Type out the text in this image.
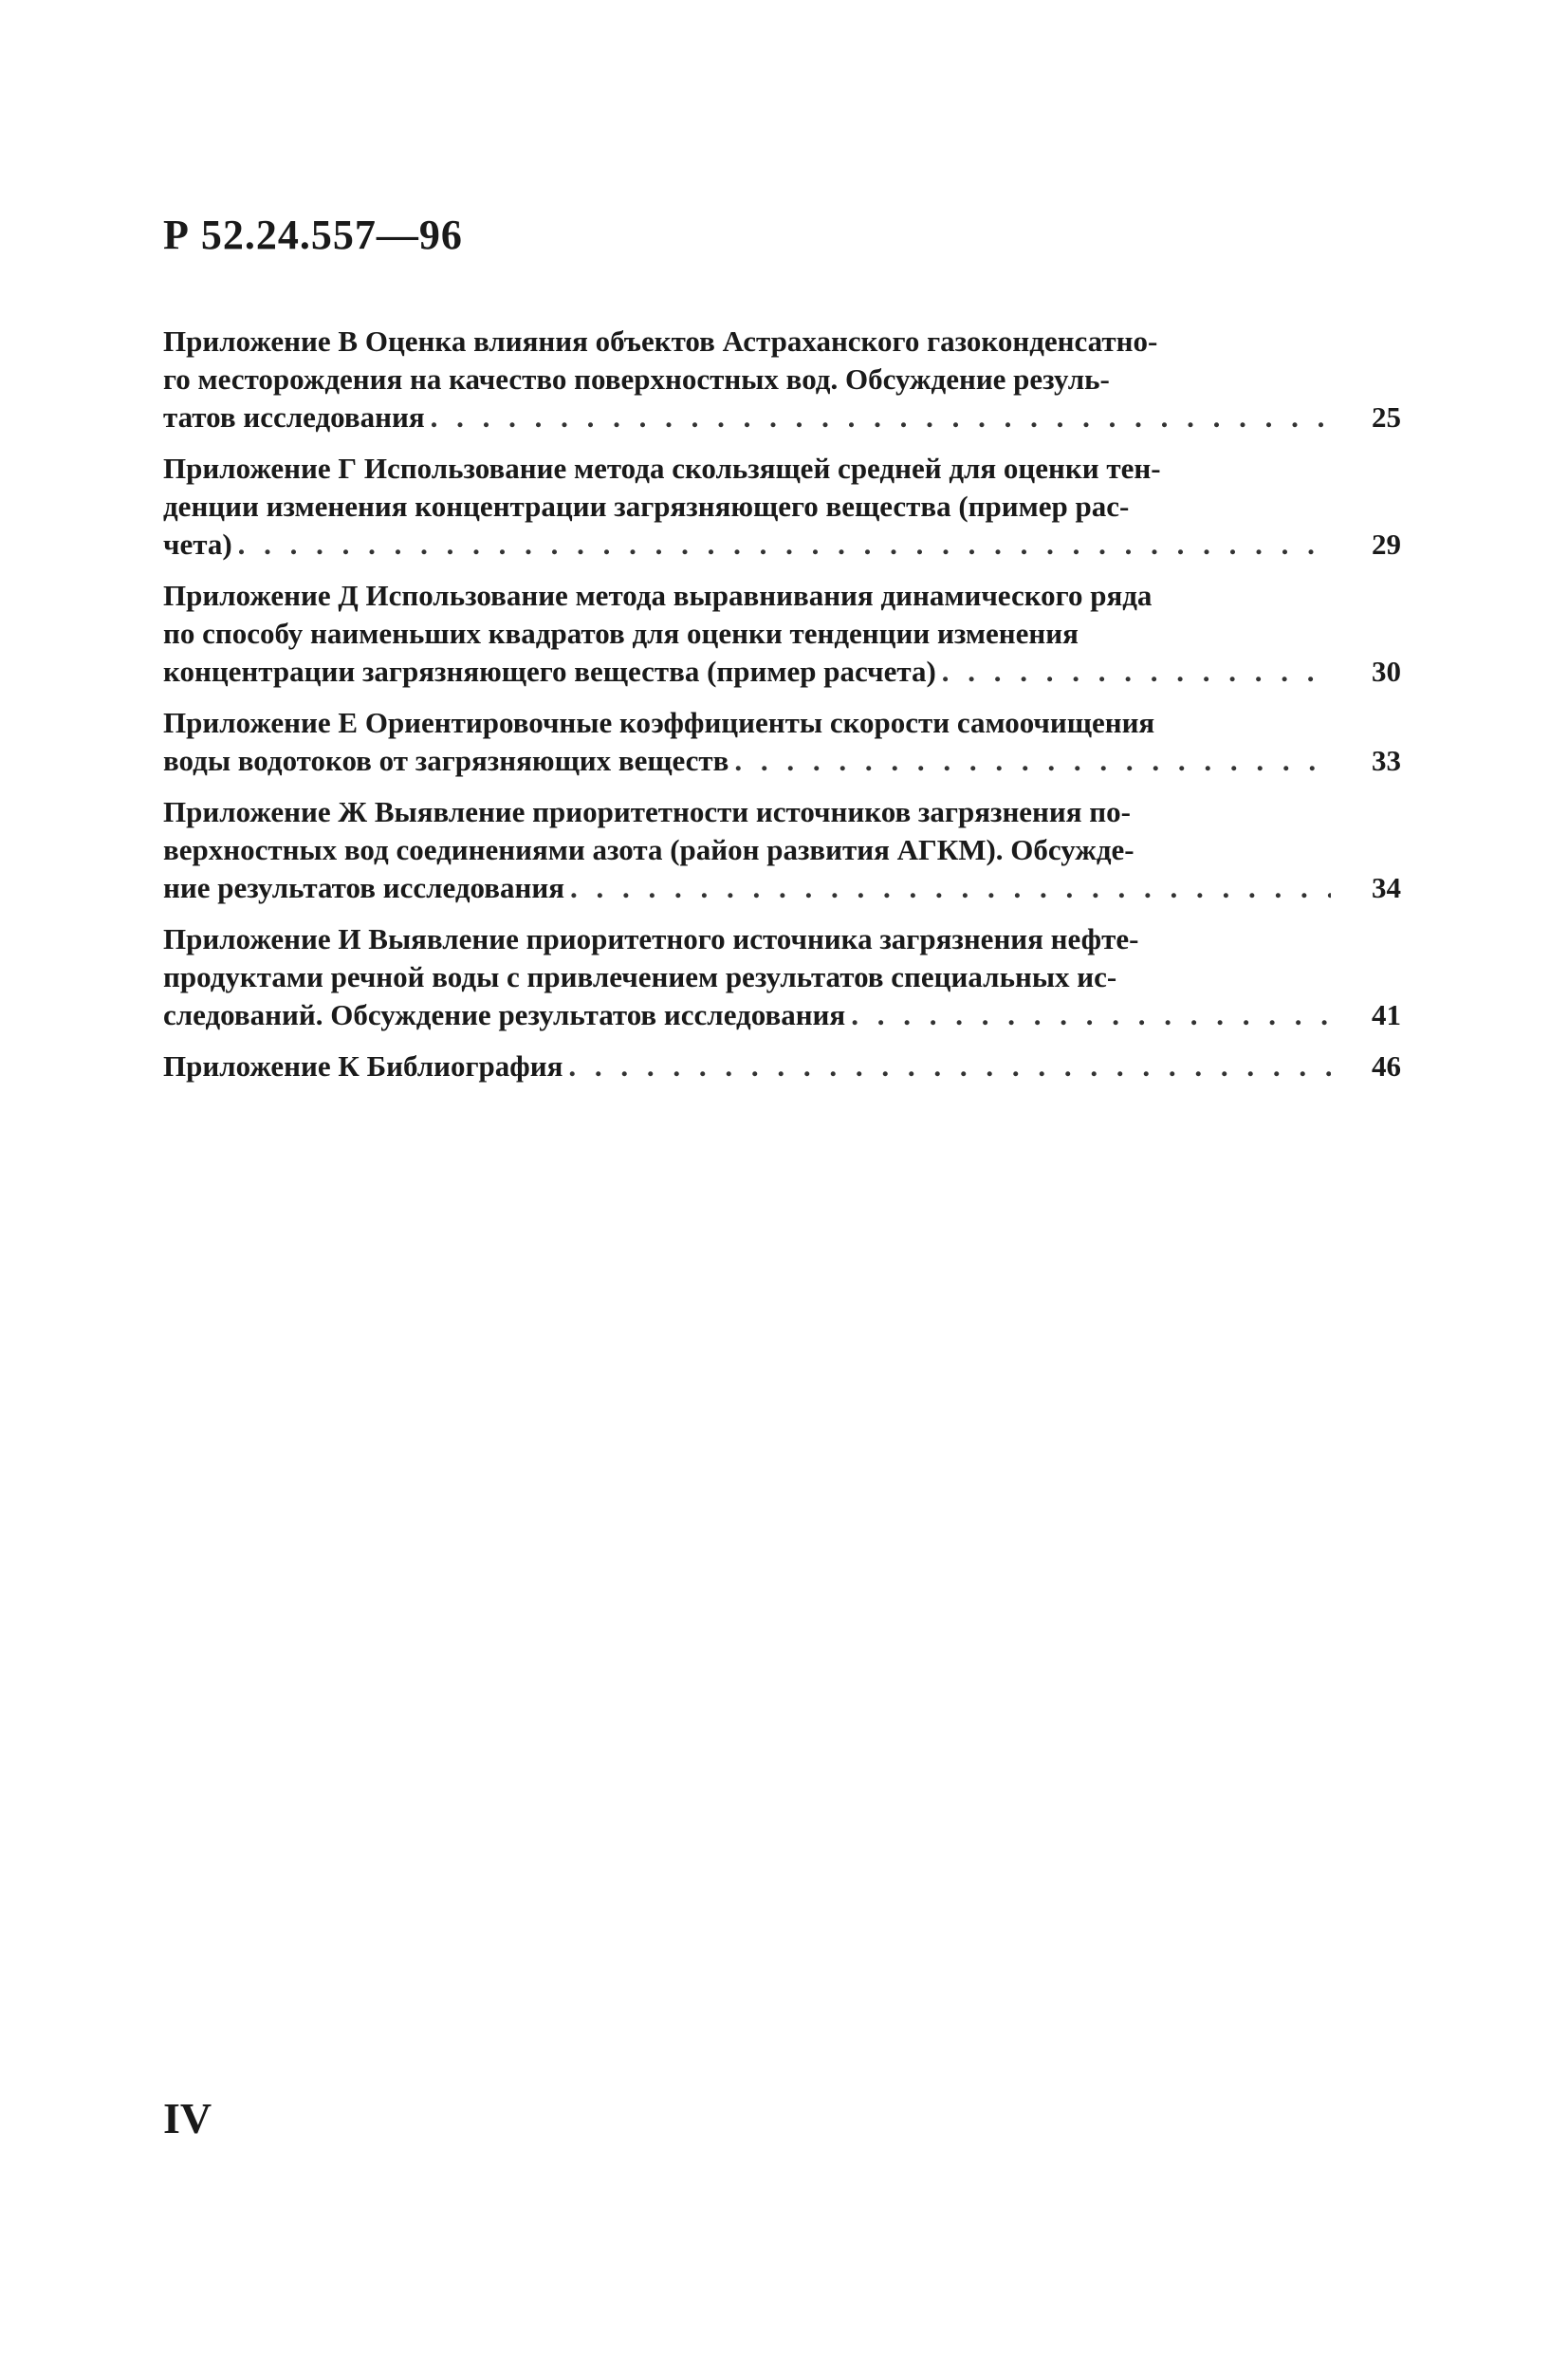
Р 52.24.557—96
Приложение В Оценка влияния объектов Астраханского газоконденсатно-
го месторождения на качество поверхностных вод. Обсуждение резуль-
татов исследования . . .	25
Приложение Г Использование метода скользящей средней для оценки тен-
денции изменения концентрации загрязняющего вещества (пример рас-
чета) . . .	29
Приложение Д Использование метода выравнивания динамического ряда
по способу наименьших квадратов для оценки тенденции изменения
концентрации загрязняющего вещества (пример расчета) . . .	30
Приложение Е Ориентировочные коэффициенты скорости самоочищения
воды водотоков от загрязняющих веществ . . .	33
Приложение Ж Выявление приоритетности источников загрязнения по-
верхностных вод соединениями азота (район развития АГКМ). Обсужде-
ние результатов исследования . . .	34
Приложение И Выявление приоритетного источника загрязнения нефте-
продуктами речной воды с привлечением результатов специальных ис-
следований. Обсуждение результатов исследования . . .	41
Приложение К Библиография . . .	46
IV
